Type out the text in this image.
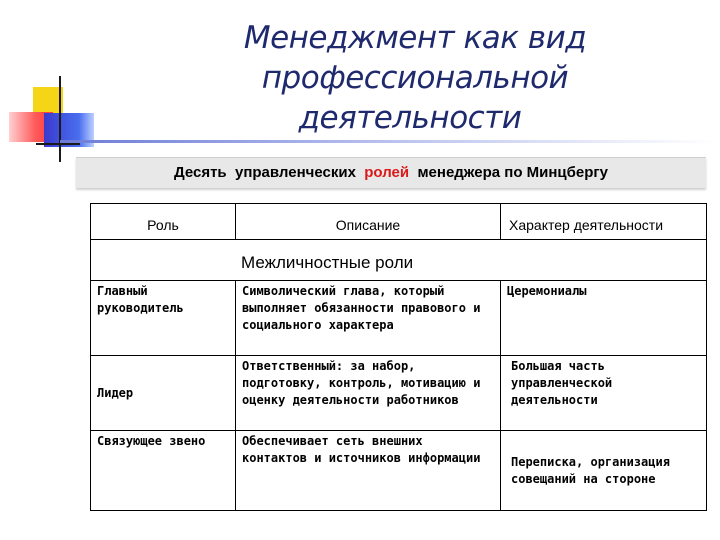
Менеджмент как вид профессиональной
деятельности
Десять  управленческих  ролей  менеджера по Минцбергу
Роль	Описание	Характер деятельности
Межличностные роли		
Главный руководитель	Символический глава, который выполняет обязанности правового и социального характера	Церемониалы
Лидер	Ответственный: за набор, подготовку, контроль, мотивацию и оценку деятельности работников	Большая часть управленческой деятельности
Связующее звено	Обеспечивает сеть внешних контактов и источников информации	Переписка, организация совещаний на стороне
